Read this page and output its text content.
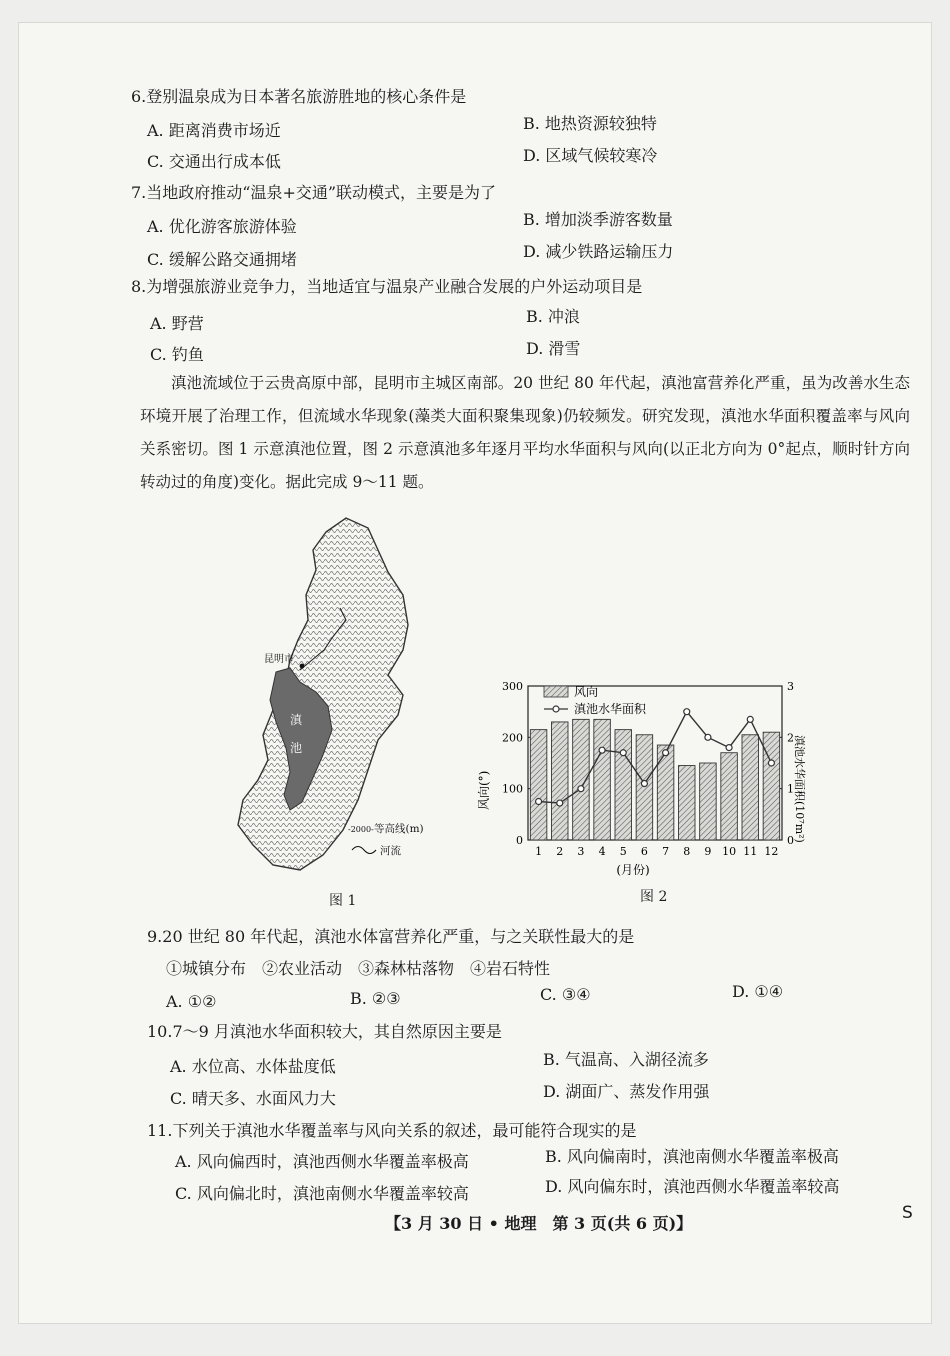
6.登别温泉成为日本著名旅游胜地的核心条件是
A. 距离消费市场近	B. 地热资源较独特
C. 交通出行成本低	D. 区域气候较寒冷
7.当地政府推动“温泉+交通”联动模式，主要是为了
A. 优化游客旅游体验	B. 增加淡季游客数量
C. 缓解公路交通拥堵	D. 减少铁路运输压力
8.为增强旅游业竞争力，当地适宜与温泉产业融合发展的户外运动项目是
A. 野营	B. 冲浪
C. 钓鱼	D. 滑雪
滇池流域位于云贵高原中部，昆明市主城区南部。20 世纪 80 年代起，滇池富营养化严重，虽为改善水生态环境开展了治理工作，但流域水华现象(藻类大面积聚集现象)仍较频发。研究发现，滇池水华面积覆盖率与风向关系密切。图 1 示意滇池位置，图 2 示意滇池多年逐月平均水华面积与风向(以正北方向为 0°起点，顺时针方向转动过的角度)变化。据此完成 9～11 题。
昆明市
滇
池
-2000- 等高线(m)
河流
图 1
0
100
200
300
0
1
2
3
1 2 3 4 5 6 7 8 9 10 11 12
风向
滇池水华面积
风向(°)	滇池水华面积(10⁷m²)
(月份)
图 2
9.20 世纪 80 年代起，滇池水体富营养化严重，与之关联性最大的是
①城镇分布　②农业活动　③森林枯落物　④岩石特性
A. ①②	B. ②③	C. ③④	D. ①④
10.7～9 月滇池水华面积较大，其自然原因主要是
A. 水位高、水体盐度低	B. 气温高、入湖径流多
C. 晴天多、水面风力大	D. 湖面广、蒸发作用强
11.下列关于滇池水华覆盖率与风向关系的叙述，最可能符合现实的是
A. 风向偏西时，滇池西侧水华覆盖率极高	B. 风向偏南时，滇池南侧水华覆盖率极高
C. 风向偏北时，滇池南侧水华覆盖率较高	D. 风向偏东时，滇池西侧水华覆盖率较高
【3 月 30 日 • 地理　第 3 页(共 6 页)】
S
